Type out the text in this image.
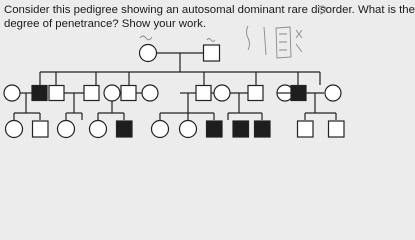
Consider this pedigree showing an autosomal dominant rare disorder. What is the
degree of penetrance? Show your work.
